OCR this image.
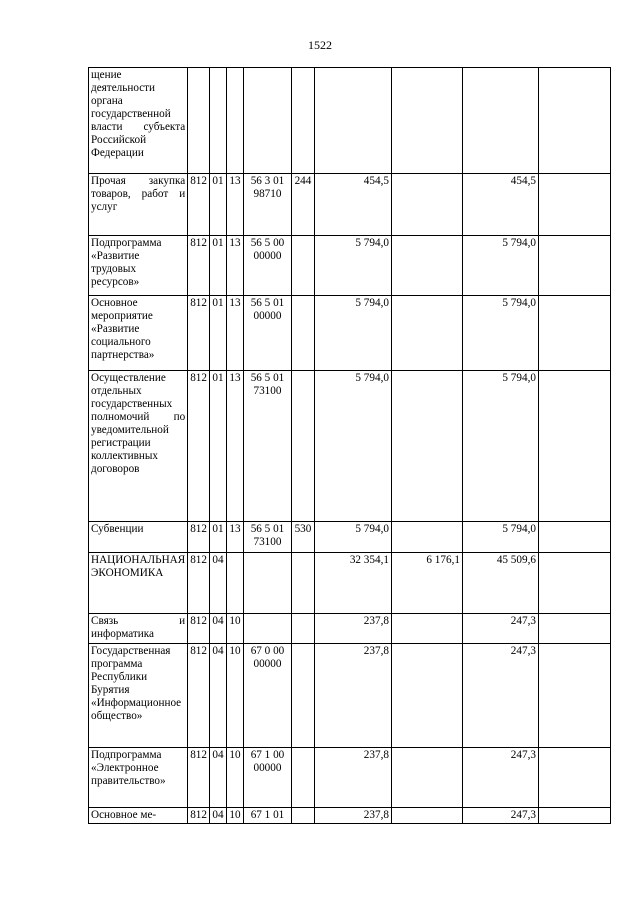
1522
щение деятельности органа государственной власти субъекта Российской Федерации									
Прочая закупка товаров, работ и услуг	812	01	13	56 3 01 98710	244	454,5		454,5	
Подпрограмма «Развитие трудовых ресурсов»	812	01	13	56 5 00 00000		5 794,0		5 794,0	
Основное мероприятие «Развитие социального партнерства»	812	01	13	56 5 01 00000		5 794,0		5 794,0	
Осуществление отдельных государственных полномочий по уведомительной регистрации коллективных договоров	812	01	13	56 5 01 73100		5 794,0		5 794,0	
Субвенции	812	01	13	56 5 01 73100	530	5 794,0		5 794,0	
НАЦИОНАЛЬНАЯ ЭКОНОМИКА	812	04				32 354,1	6 176,1	45 509,6	
Связь и информатика	812	04	10			237,8		247,3	
Государственная программа Республики Бурятия «Информационное общество»	812	04	10	67 0 00 00000		237,8		247,3	
Подпрограмма «Электронное правительство»	812	04	10	67 1 00 00000		237,8		247,3	
Основное ме-	812	04	10	67 1 01		237,8		247,3	
